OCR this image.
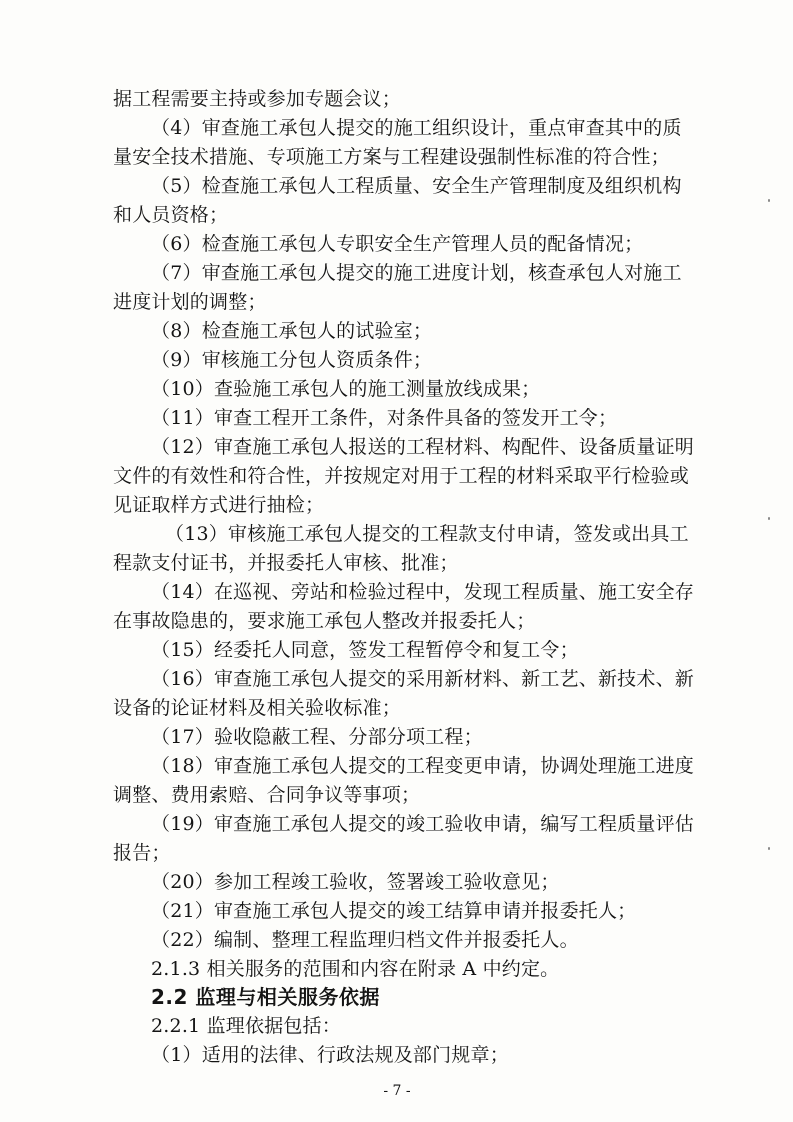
据工程需要主持或参加专题会议；
（4）审查施工承包人提交的施工组织设计，重点审查其中的质
量安全技术措施、专项施工方案与工程建设强制性标准的符合性；
（5）检查施工承包人工程质量、安全生产管理制度及组织机构
和人员资格；
（6）检查施工承包人专职安全生产管理人员的配备情况；
（7）审查施工承包人提交的施工进度计划，核查承包人对施工
进度计划的调整；
（8）检查施工承包人的试验室；
（9）审核施工分包人资质条件；
（10）查验施工承包人的施工测量放线成果；
（11）审查工程开工条件，对条件具备的签发开工令；
（12）审查施工承包人报送的工程材料、构配件、设备质量证明
文件的有效性和符合性，并按规定对用于工程的材料采取平行检验或
见证取样方式进行抽检；
（13）审核施工承包人提交的工程款支付申请，签发或出具工
程款支付证书，并报委托人审核、批准；
（14）在巡视、旁站和检验过程中，发现工程质量、施工安全存
在事故隐患的，要求施工承包人整改并报委托人；
（15）经委托人同意，签发工程暂停令和复工令；
（16）审查施工承包人提交的采用新材料、新工艺、新技术、新
设备的论证材料及相关验收标准；
（17）验收隐蔽工程、分部分项工程；
（18）审查施工承包人提交的工程变更申请，协调处理施工进度
调整、费用索赔、合同争议等事项；
（19）审查施工承包人提交的竣工验收申请，编写工程质量评估
报告；
（20）参加工程竣工验收，签署竣工验收意见；
（21）审查施工承包人提交的竣工结算申请并报委托人；
（22）编制、整理工程监理归档文件并报委托人。
2.1.3 相关服务的范围和内容在附录 A 中约定。
2.2 监理与相关服务依据
2.2.1 监理依据包括：
（1）适用的法律、行政法规及部门规章；
- 7 -
